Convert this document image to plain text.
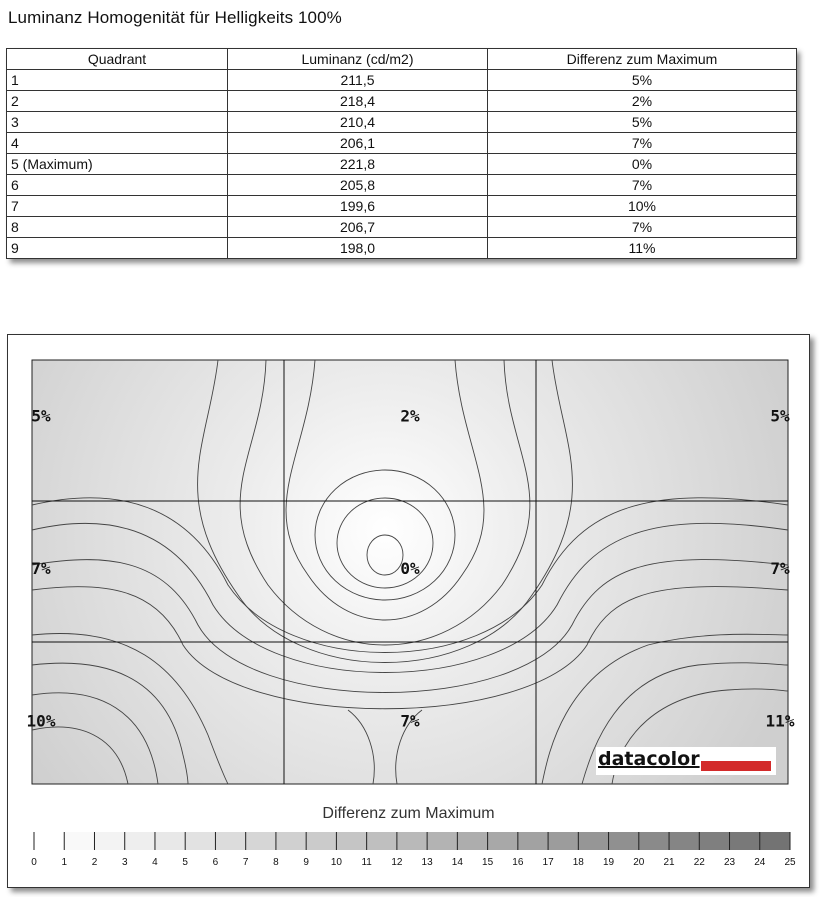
Luminanz Homogenität für Helligkeits 100%
Quadrant	Luminanz (cd/m2)	Differenz zum Maximum
1	211,5	5%
2	218,4	2%
3	210,4	5%
4	206,1	7%
5 (Maximum)	221,8	0%
6	205,8	7%
7	199,6	10%
8	206,7	7%
9	198,0	11%
5%	2%	5%
7%	0%	7%
10%	7%	11%
datacolor
Differenz zum Maximum
0 1 2 3 4 5 6 7 8 9 10 11 12 13 14 15 16 17 18 19 20 21 22 23 24 25
